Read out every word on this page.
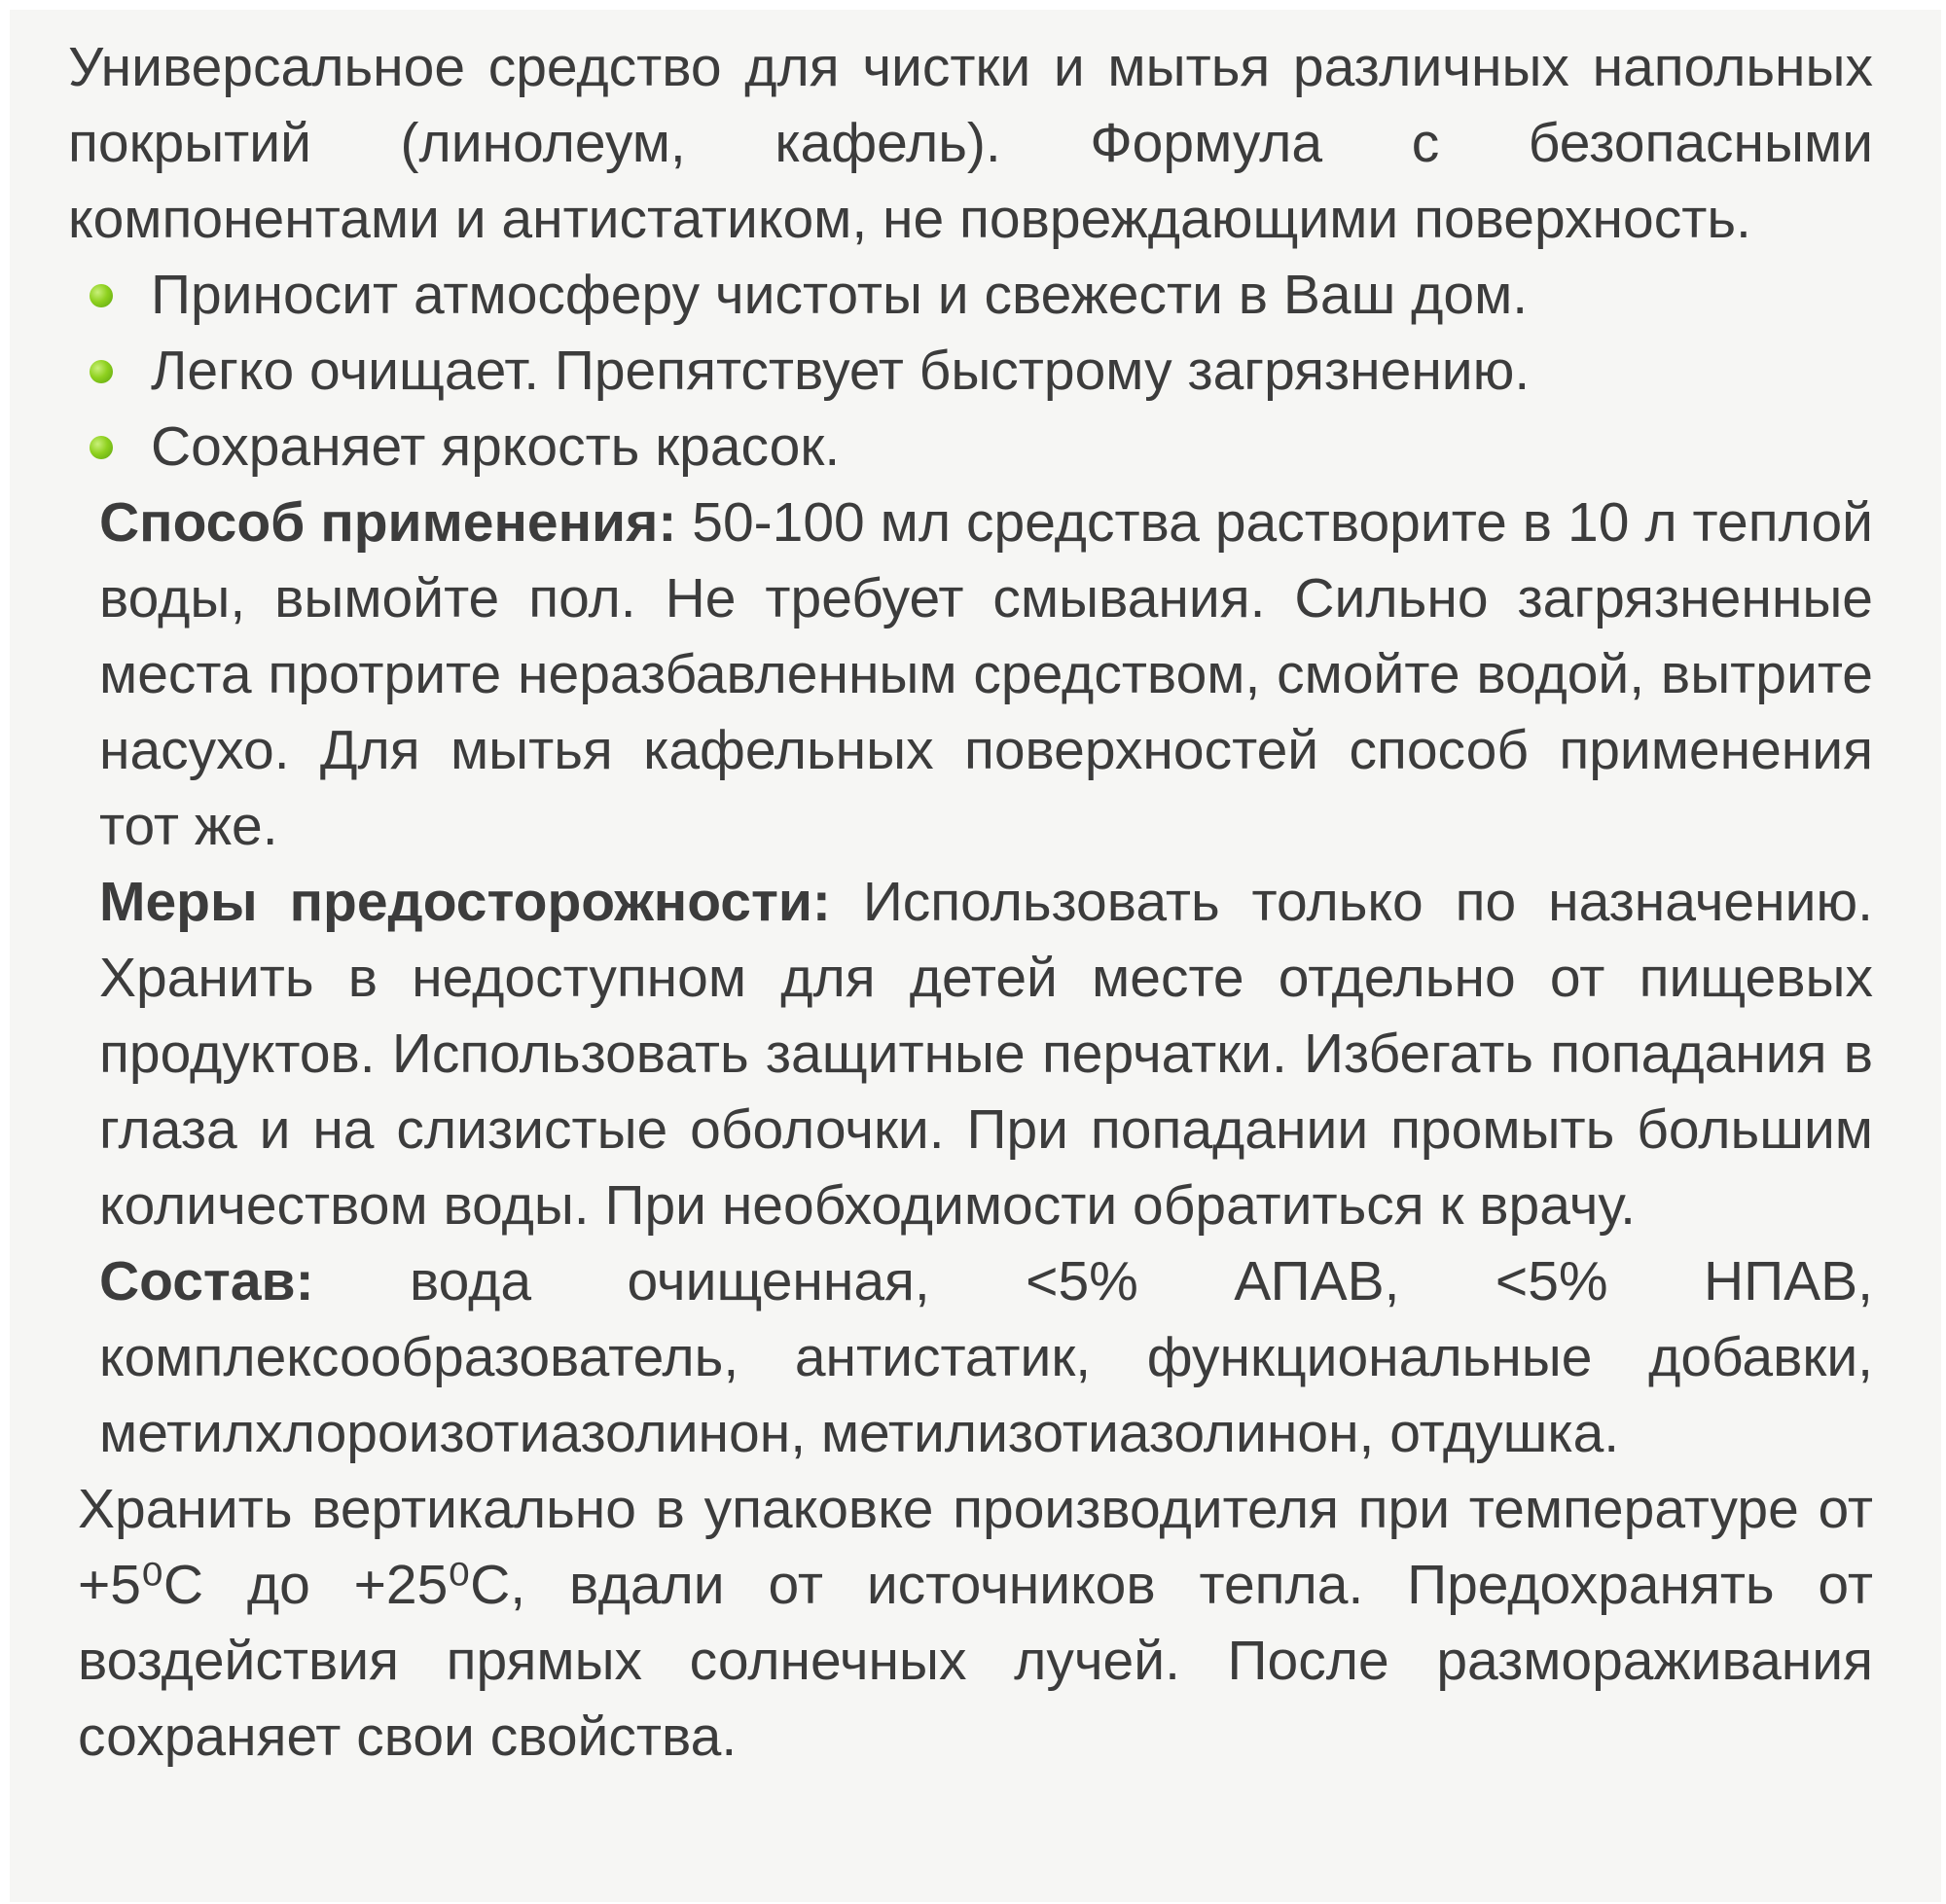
Универсальное средство для чистки и мытья различных напольных покрытий (линолеум, кафель). Формула с безопасными компонентами и антистатиком, не повреждающими поверхность.

Приносит атмосферу чистоты и свежести в Ваш дом.
Легко очищает. Препятствует быстрому загрязнению.
Сохраняет яркость красок.

Способ применения: 50-100 мл средства растворите в 10 л теплой воды, вымойте пол. Не требует смывания. Сильно загрязненные места протрите неразбавленным средством, смойте водой, вытрите насухо. Для мытья кафельных поверхностей способ применения тот же.

Меры предосторожности: Использовать только по назначению. Хранить в недоступном для детей месте отдельно от пищевых продуктов. Использовать защитные перчатки. Избегать попадания в глаза и на слизистые оболочки. При попадании промыть большим количеством воды. При необходимости обратиться к врачу.

Состав: вода очищенная, <5% АПАВ, <5% НПАВ, комплексообразователь, антистатик, функциональные добавки, метилхлороизотиазолинон, метилизотиазолинон, отдушка.

Хранить вертикально в упаковке производителя при температуре от +5⁰С до +25⁰С, вдали от источников тепла. Предохранять от воздействия прямых солнечных лучей. После размораживания сохраняет свои свойства.
